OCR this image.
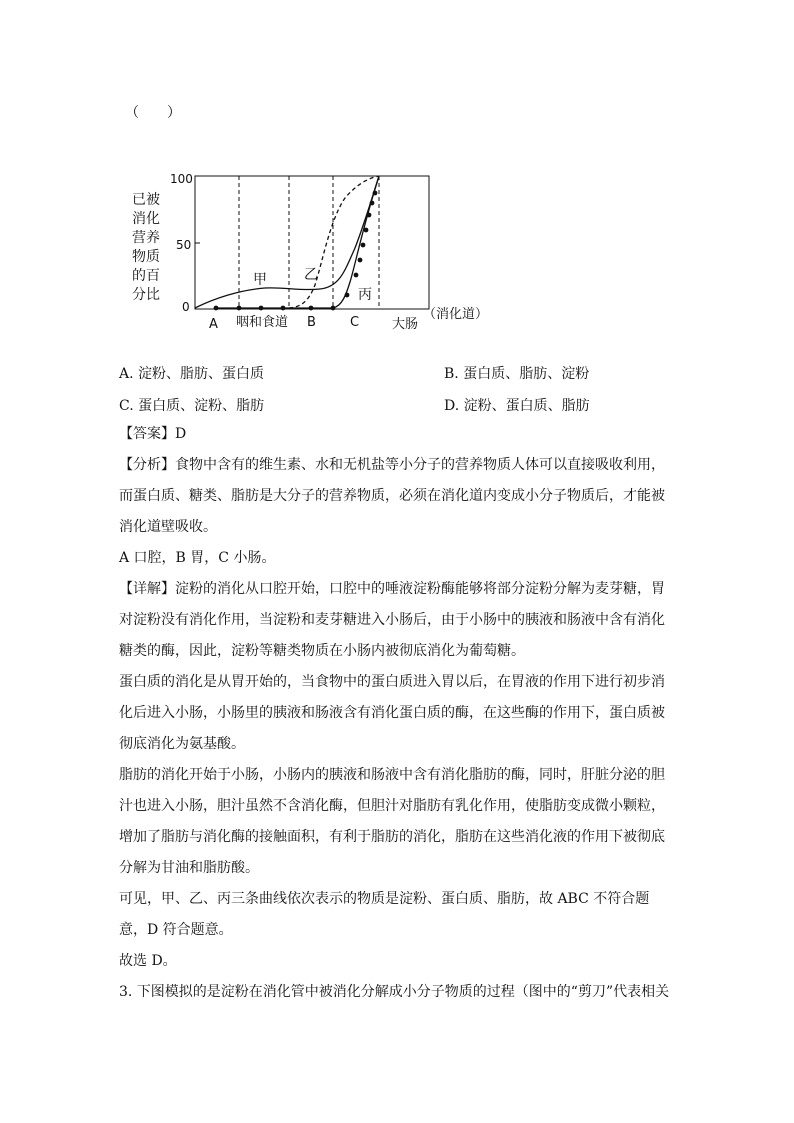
（　　）
已被
消化
营养
物质
的百
分比
100
50
0
甲	乙
丙
A 咽和食道 B	C	大肠
（消化道）
A. 淀粉、脂肪、蛋白质	B. 蛋白质、脂肪、淀粉
C. 蛋白质、淀粉、脂肪	D. 淀粉、蛋白质、脂肪
【答案】D
【分析】食物中含有的维生素、水和无机盐等小分子的营养物质人体可以直接吸收利用，
而蛋白质、糖类、脂肪是大分子的营养物质，必须在消化道内变成小分子物质后，才能被
消化道壁吸收。
A 口腔，B 胃，C 小肠。
【详解】淀粉的消化从口腔开始，口腔中的唾液淀粉酶能够将部分淀粉分解为麦芽糖，胃
对淀粉没有消化作用，当淀粉和麦芽糖进入小肠后，由于小肠中的胰液和肠液中含有消化
糖类的酶，因此，淀粉等糖类物质在小肠内被彻底消化为葡萄糖。
蛋白质的消化是从胃开始的，当食物中的蛋白质进入胃以后，在胃液的作用下进行初步消
化后进入小肠，小肠里的胰液和肠液含有消化蛋白质的酶，在这些酶的作用下，蛋白质被
彻底消化为氨基酸。
脂肪的消化开始于小肠，小肠内的胰液和肠液中含有消化脂肪的酶，同时，肝脏分泌的胆
汁也进入小肠，胆汁虽然不含消化酶，但胆汁对脂肪有乳化作用，使脂肪变成微小颗粒，
增加了脂肪与消化酶的接触面积，有利于脂肪的消化，脂肪在这些消化液的作用下被彻底
分解为甘油和脂肪酸。
可见，甲、乙、丙三条曲线依次表示的物质是淀粉、蛋白质、脂肪，故 ABC 不符合题
意，D 符合题意。
故选 D。
3. 下图模拟的是淀粉在消化管中被消化分解成小分子物质的过程（图中的“剪刀”代表相关
